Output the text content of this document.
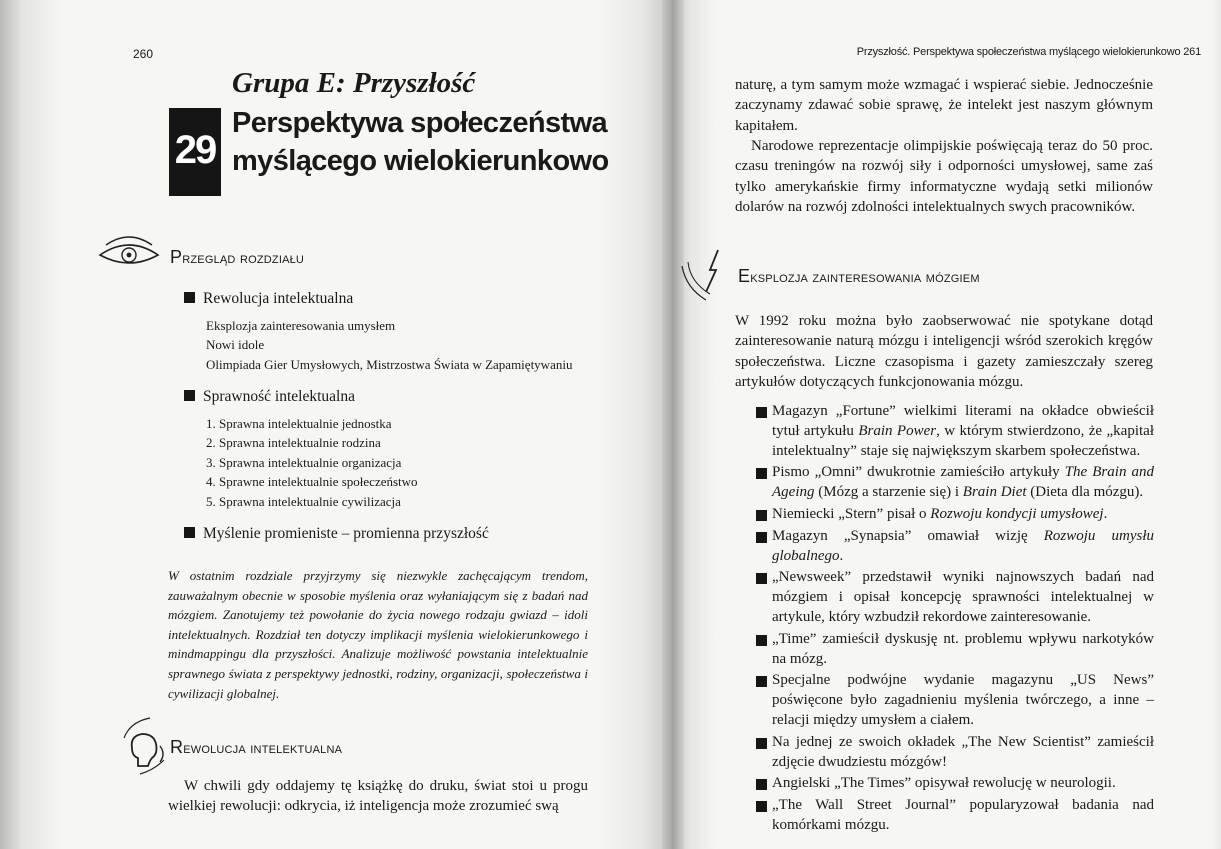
260
Grupa E: Przyszłość
29
Perspektywa społeczeństwa
myślącego wielokierunkowo
Przegląd rozdziału
Rewolucja intelektualna
Eksplozja zainteresowania umysłem
Nowi idole
Olimpiada Gier Umysłowych, Mistrzostwa Świata w Zapamiętywaniu
Sprawność intelektualna
1. Sprawna intelektualnie jednostka
2. Sprawna intelektualnie rodzina
3. Sprawna intelektualnie organizacja
4. Sprawne intelektualnie społeczeństwo
5. Sprawna intelektualnie cywilizacja
Myślenie promieniste – promienna przyszłość
W ostatnim rozdziale przyjrzymy się niezwykle zachęcającym trendom, zauważalnym obecnie w sposobie myślenia oraz wyłaniającym się z badań nad mózgiem. Zanotujemy też powołanie do życia nowego rodzaju gwiazd – idoli intelektualnych. Rozdział ten dotyczy implikacji myślenia wielokierunkowego i mindmappingu dla przyszłości. Analizuje możliwość powstania intelektualnie sprawnego świata z perspektywy jednostki, rodziny, organizacji, społeczeństwa i cywilizacji globalnej.
Rewolucja intelektualna
W chwili gdy oddajemy tę książkę do druku, świat stoi u progu wielkiej rewolucji: odkrycia, iż inteligencja może zrozumieć swą
Przyszłość. Perspektywa społeczeństwa myślącego wielokierunkowo 261
naturę, a tym samym może wzmagać i wspierać siebie. Jednocześnie zaczynamy zdawać sobie sprawę, że intelekt jest naszym głównym kapitałem.
Narodowe reprezentacje olimpijskie poświęcają teraz do 50 proc. czasu treningów na rozwój siły i odporności umysłowej, same zaś tylko amerykańskie firmy informatyczne wydają setki milionów dolarów na rozwój zdolności intelektualnych swych pracowników.
Eksplozja zainteresowania mózgiem
W 1992 roku można było zaobserwować nie spotykane dotąd zainteresowanie naturą mózgu i inteligencji wśród szerokich kręgów społeczeństwa. Liczne czasopisma i gazety zamieszczały szereg artykułów dotyczących funkcjonowania mózgu.
Magazyn „Fortune” wielkimi literami na okładce obwieścił tytuł artykułu Brain Power, w którym stwierdzono, że „kapitał intelektualny” staje się największym skarbem społeczeństwa.
Pismo „Omni” dwukrotnie zamieściło artykuły The Brain and Ageing (Mózg a starzenie się) i Brain Diet (Dieta dla mózgu).
Niemiecki „Stern” pisał o Rozwoju kondycji umysłowej.
Magazyn „Synapsia” omawiał wizję Rozwoju umysłu globalnego.
„Newsweek” przedstawił wyniki najnowszych badań nad mózgiem i opisał koncepcję sprawności intelektualnej w artykule, który wzbudził rekordowe zainteresowanie.
„Time” zamieścił dyskusję nt. problemu wpływu narkotyków na mózg.
Specjalne podwójne wydanie magazynu „US News” poświęcone było zagadnieniu myślenia twórczego, a inne – relacji między umysłem a ciałem.
Na jednej ze swoich okładek „The New Scientist” zamieścił zdjęcie dwudziestu mózgów!
Angielski „The Times” opisywał rewolucję w neurologii.
„The Wall Street Journal” popularyzował badania nad komórkami mózgu.
